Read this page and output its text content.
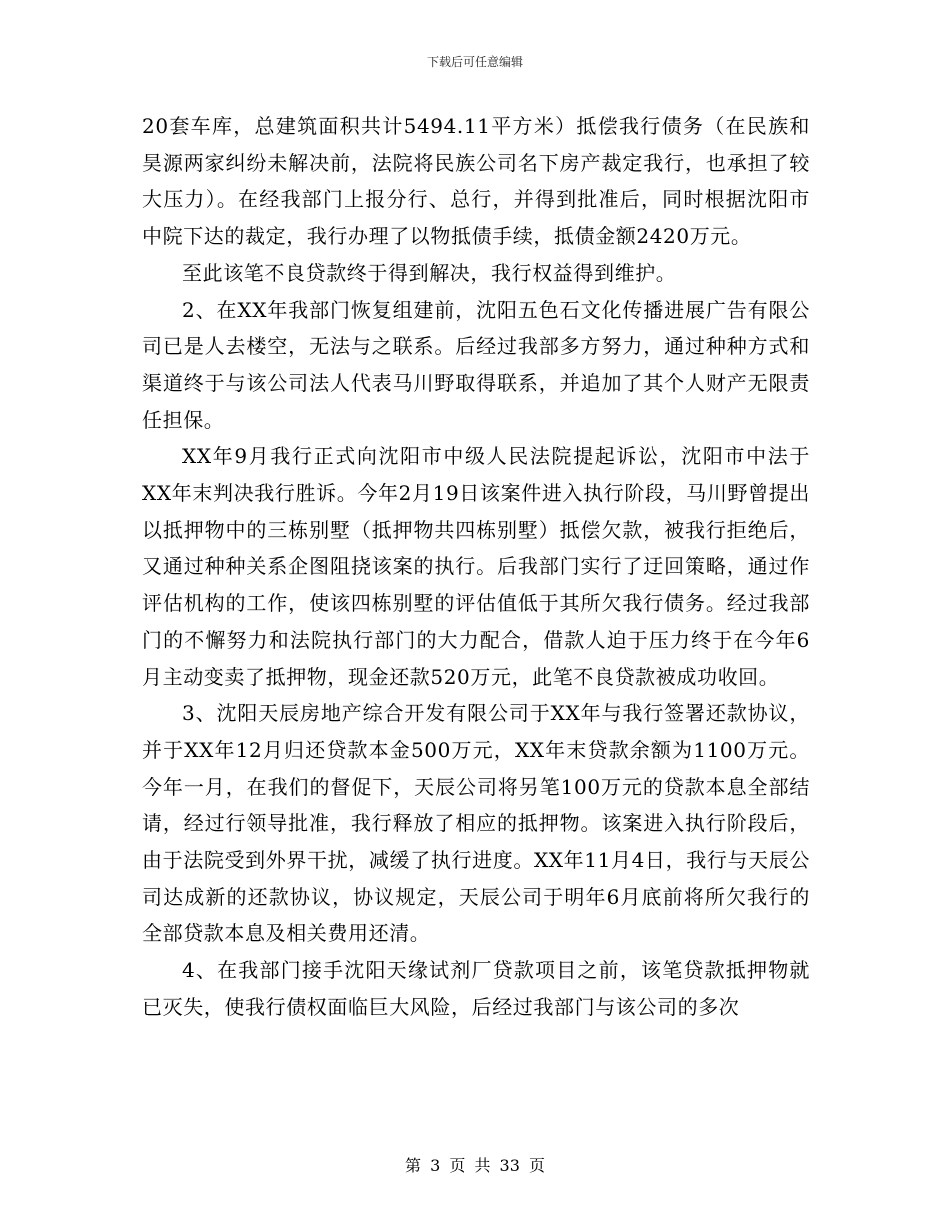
下载后可任意编辑

20套车库，总建筑面积共计5494.11平方米）抵偿我行债务（在民族和昊源两家纠纷未解决前，法院将民族公司名下房产裁定我行，也承担了较大压力）。在经我部门上报分行、总行，并得到批准后，同时根据沈阳市中院下达的裁定，我行办理了以物抵债手续，抵债金额2420万元。

至此该笔不良贷款终于得到解决，我行权益得到维护。

2、在XX年我部门恢复组建前，沈阳五色石文化传播进展广告有限公司已是人去楼空，无法与之联系。后经过我部多方努力，通过种种方式和渠道终于与该公司法人代表马川野取得联系，并追加了其个人财产无限责任担保。

XX年9月我行正式向沈阳市中级人民法院提起诉讼，沈阳市中法于XX年末判决我行胜诉。今年2月19日该案件进入执行阶段，马川野曾提出以抵押物中的三栋别墅（抵押物共四栋别墅）抵偿欠款，被我行拒绝后，又通过种种关系企图阻挠该案的执行。后我部门实行了迂回策略，通过作评估机构的工作，使该四栋别墅的评估值低于其所欠我行债务。经过我部门的不懈努力和法院执行部门的大力配合，借款人迫于压力终于在今年6月主动变卖了抵押物，现金还款520万元，此笔不良贷款被成功收回。

3、沈阳天辰房地产综合开发有限公司于XX年与我行签署还款协议，并于XX年12月归还贷款本金500万元，XX年末贷款余额为1100万元。今年一月，在我们的督促下，天辰公司将另笔100万元的贷款本息全部结请，经过行领导批准，我行释放了相应的抵押物。该案进入执行阶段后，由于法院受到外界干扰，减缓了执行进度。XX年11月4日，我行与天辰公司达成新的还款协议，协议规定，天辰公司于明年6月底前将所欠我行的全部贷款本息及相关费用还清。

4、在我部门接手沈阳天缘试剂厂贷款项目之前，该笔贷款抵押物就已灭失，使我行债权面临巨大风险，后经过我部门与该公司的多次

第 3 页 共 33 页
